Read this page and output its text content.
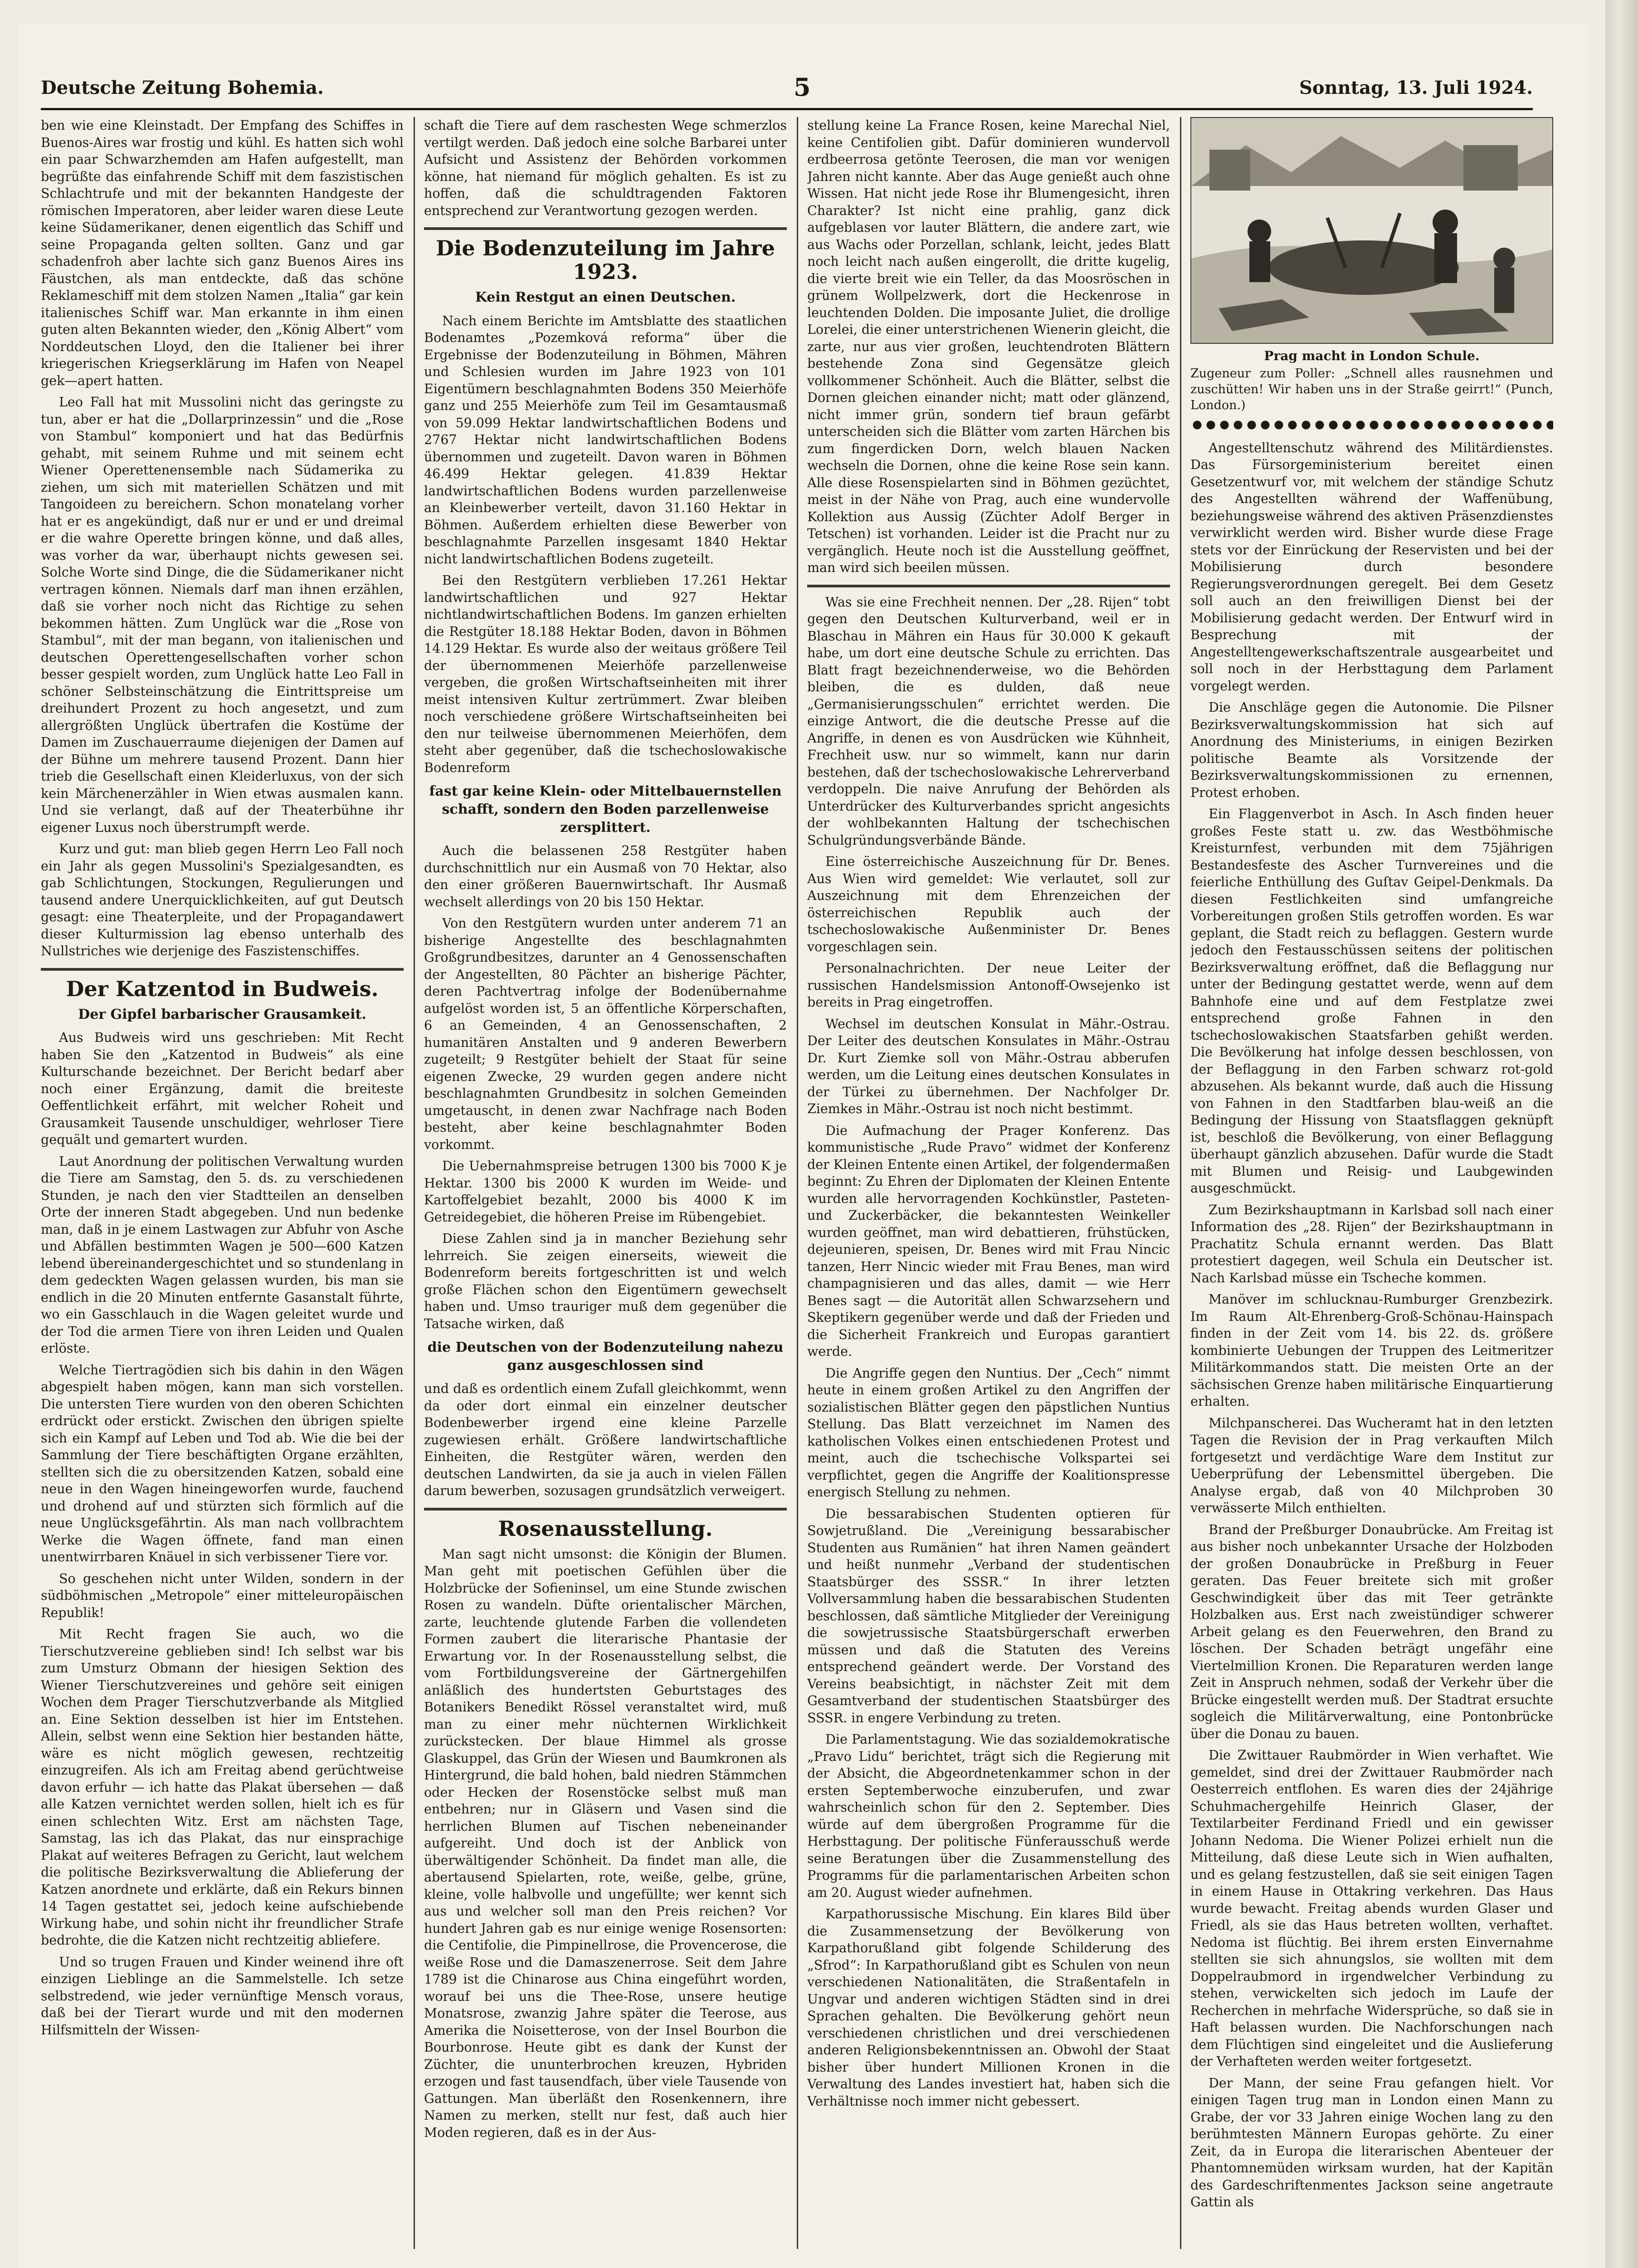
Deutsche Zeitung Bohemia.	5	Sonntag, 13. Juli 1924.

ben wie eine Kleinstadt. Der Empfang des Schiffes in Buenos-Aires war frostig und kühl. Es hatten sich wohl ein paar Schwarzhemden am Hafen aufgestellt, man begrüßte das einfahrende Schiff mit dem faszistischen Schlachtrufe und mit der bekannten Handgeste der römischen Imperatoren, aber leider waren diese Leute keine Südamerikaner, denen eigentlich das Schiff und seine Propaganda gelten sollten. Ganz und gar schadenfroh aber lachte sich ganz Buenos Aires ins Fäustchen, als man entdeckte, daß das schöne Reklameschiff mit dem stolzen Namen „Italia“ gar kein italienisches Schiff war. Man erkannte in ihm einen guten alten Bekannten wieder, den „König Albert“ vom Norddeutschen Lloyd, den die Italiener bei ihrer kriegerischen Kriegserklärung im Hafen von Neapel gek—apert hatten.

Leo Fall hat mit Mussolini nicht das geringste zu tun, aber er hat die „Dollarprinzessin“ und die „Rose von Stambul“ komponiert und hat das Bedürfnis gehabt, mit seinem Ruhme und mit seinem echt Wiener Operettenensemble nach Südamerika zu ziehen, um sich mit materiellen Schätzen und mit Tangoideen zu bereichern. Schon monatelang vorher hat er es angekündigt, daß nur er und er und dreimal er die wahre Operette bringen könne, und daß alles, was vorher da war, überhaupt nichts gewesen sei. Solche Worte sind Dinge, die die Südamerikaner nicht vertragen können. Niemals darf man ihnen erzählen, daß sie vorher noch nicht das Richtige zu sehen bekommen hätten. Zum Unglück war die „Rose von Stambul“, mit der man begann, von italienischen und deutschen Operettengesellschaften vorher schon besser gespielt worden, zum Unglück hatte Leo Fall in schöner Selbsteinschätzung die Eintrittspreise um dreihundert Prozent zu hoch angesetzt, und zum allergrößten Unglück übertrafen die Kostüme der Damen im Zuschauerraume diejenigen der Damen auf der Bühne um mehrere tausend Prozent. Dann hier trieb die Gesellschaft einen Kleiderluxus, von der sich kein Märchenerzähler in Wien etwas ausmalen kann. Und sie verlangt, daß auf der Theaterbühne ihr eigener Luxus noch überstrumpft werde.

Kurz und gut: man blieb gegen Herrn Leo Fall noch ein Jahr als gegen Mussolini's Spezialgesandten, es gab Schlichtungen, Stockungen, Regulierungen und tausend andere Unerquicklichkeiten, auf gut Deutsch gesagt: eine Theaterpleite, und der Propagandawert dieser Kulturmission lag ebenso unterhalb des Nullstriches wie derjenige des Faszistenschiffes.

Der Katzentod in Budweis.
Der Gipfel barbarischer Grausamkeit.

Aus Budweis wird uns geschrieben: Mit Recht haben Sie den „Katzentod in Budweis“ als eine Kulturschande bezeichnet. Der Bericht bedarf aber noch einer Ergänzung, damit die breiteste Oeffentlichkeit erfährt, mit welcher Roheit und Grausamkeit Tausende unschuldiger, wehrloser Tiere gequält und gemartert wurden.

Laut Anordnung der politischen Verwaltung wurden die Tiere am Samstag, den 5. ds. zu verschiedenen Stunden, je nach den vier Stadtteilen an denselben Orte der inneren Stadt abgegeben. Und nun bedenke man, daß in je einem Lastwagen zur Abfuhr von Asche und Abfällen bestimmten Wagen je 500—600 Katzen lebend übereinandergeschichtet und so stundenlang in dem gedeckten Wagen gelassen wurden, bis man sie endlich in die 20 Minuten entfernte Gasanstalt führte, wo ein Gasschlauch in die Wagen geleitet wurde und der Tod die armen Tiere von ihren Leiden und Qualen erlöste.

Welche Tiertragödien sich bis dahin in den Wägen abgespielt haben mögen, kann man sich vorstellen. Die untersten Tiere wurden von den oberen Schichten erdrückt oder erstickt. Zwischen den übrigen spielte sich ein Kampf auf Leben und Tod ab. Wie die bei der Sammlung der Tiere beschäftigten Organe erzählten, stellten sich die zu obersitzenden Katzen, sobald eine neue in den Wagen hineingeworfen wurde, fauchend und drohend auf und stürzten sich förmlich auf die neue Unglücksgefährtin. Als man nach vollbrachtem Werke die Wagen öffnete, fand man einen unentwirrbaren Knäuel in sich verbissener Tiere vor.

So geschehen nicht unter Wilden, sondern in der südböhmischen „Metropole“ einer mitteleuropäischen Republik!

Mit Recht fragen Sie auch, wo die Tierschutzvereine geblieben sind! Ich selbst war bis zum Umsturz Obmann der hiesigen Sektion des Wiener Tierschutzvereines und gehöre seit einigen Wochen dem Prager Tierschutzverbande als Mitglied an. Eine Sektion desselben ist hier im Entstehen. Allein, selbst wenn eine Sektion hier bestanden hätte, wäre es nicht möglich gewesen, rechtzeitig einzugreifen. Als ich am Freitag abend gerüchtweise davon erfuhr — ich hatte das Plakat übersehen — daß alle Katzen vernichtet werden sollen, hielt ich es für einen schlechten Witz. Erst am nächsten Tage, Samstag, las ich das Plakat, das nur einsprachige Plakat auf weiteres Befragen zu Gericht, laut welchem die politische Bezirksverwaltung die Ablieferung der Katzen anordnete und erklärte, daß ein Rekurs binnen 14 Tagen gestattet sei, jedoch keine aufschiebende Wirkung habe, und sohin nicht ihr freundlicher Strafe bedrohte, die die Katzen nicht rechtzeitig abliefere.

Und so trugen Frauen und Kinder weinend ihre oft einzigen Lieblinge an die Sammelstelle. Ich setze selbstredend, wie jeder vernünftige Mensch voraus, daß bei der Tierart wurde und mit den modernen Hilfsmitteln der Wissen-

schaft die Tiere auf dem raschesten Wege schmerzlos vertilgt werden. Daß jedoch eine solche Barbarei unter Aufsicht und Assistenz der Behörden vorkommen könne, hat niemand für möglich gehalten. Es ist zu hoffen, daß die schuldtragenden Faktoren entsprechend zur Verantwortung gezogen werden.

Die Bodenzuteilung im Jahre 1923.
Kein Restgut an einen Deutschen.

Nach einem Berichte im Amtsblatte des staatlichen Bodenamtes „Pozemková reforma“ über die Ergebnisse der Bodenzuteilung in Böhmen, Mähren und Schlesien wurden im Jahre 1923 von 101 Eigentümern beschlagnahmten Bodens 350 Meierhöfe ganz und 255 Meierhöfe zum Teil im Gesamtausmaß von 59.099 Hektar landwirtschaftlichen Bodens und 2767 Hektar nicht landwirtschaftlichen Bodens übernommen und zugeteilt. Davon waren in Böhmen 46.499 Hektar gelegen. 41.839 Hektar landwirtschaftlichen Bodens wurden parzellenweise an Kleinbewerber verteilt, davon 31.160 Hektar in Böhmen. Außerdem erhielten diese Bewerber von beschlagnahmte Parzellen insgesamt 1840 Hektar nicht landwirtschaftlichen Bodens zugeteilt.

Bei den Restgütern verblieben 17.261 Hektar landwirtschaftlichen und 927 Hektar nichtlandwirtschaftlichen Bodens. Im ganzen erhielten die Restgüter 18.188 Hektar Boden, davon in Böhmen 14.129 Hektar. Es wurde also der weitaus größere Teil der übernommenen Meierhöfe parzellenweise vergeben, die großen Wirtschaftseinheiten mit ihrer meist intensiven Kultur zertrümmert. Zwar bleiben noch verschiedene größere Wirtschaftseinheiten bei den nur teilweise übernommenen Meierhöfen, dem steht aber gegenüber, daß die tschechoslowakische Bodenreform

fast gar keine Klein- oder Mittelbauernstellen schafft, sondern den Boden parzellenweise zersplittert.

Auch die belassenen 258 Restgüter haben durchschnittlich nur ein Ausmaß von 70 Hektar, also den einer größeren Bauernwirtschaft. Ihr Ausmaß wechselt allerdings von 20 bis 150 Hektar.

Von den Restgütern wurden unter anderem 71 an bisherige Angestellte des beschlagnahmten Großgrundbesitzes, darunter an 4 Genossenschaften der Angestellten, 80 Pächter an bisherige Pächter, deren Pachtvertrag infolge der Bodenübernahme aufgelöst worden ist, 5 an öffentliche Körperschaften, 6 an Gemeinden, 4 an Genossenschaften, 2 humanitären Anstalten und 9 anderen Bewerbern zugeteilt; 9 Restgüter behielt der Staat für seine eigenen Zwecke, 29 wurden gegen andere nicht beschlagnahmten Grundbesitz in solchen Gemeinden umgetauscht, in denen zwar Nachfrage nach Boden besteht, aber keine beschlagnahmter Boden vorkommt.

Die Uebernahmspreise betrugen 1300 bis 7000 K je Hektar. 1300 bis 2000 K wurden im Weide- und Kartoffelgebiet bezahlt, 2000 bis 4000 K im Getreidegebiet, die höheren Preise im Rübengebiet.

Diese Zahlen sind ja in mancher Beziehung sehr lehrreich. Sie zeigen einerseits, wieweit die Bodenreform bereits fortgeschritten ist und welch große Flächen schon den Eigentümern gewechselt haben und. Umso trauriger muß dem gegenüber die Tatsache wirken, daß

die Deutschen von der Bodenzuteilung nahezu ganz ausgeschlossen sind

und daß es ordentlich einem Zufall gleichkommt, wenn da oder dort einmal ein einzelner deutscher Bodenbewerber irgend eine kleine Parzelle zugewiesen erhält. Größere landwirtschaftliche Einheiten, die Restgüter wären, werden den deutschen Landwirten, da sie ja auch in vielen Fällen darum bewerben, sozusagen grundsätzlich verweigert.

Rosenausstellung.

Man sagt nicht umsonst: die Königin der Blumen. Man geht mit poetischen Gefühlen über die Holzbrücke der Sofieninsel, um eine Stunde zwischen Rosen zu wandeln. Düfte orientalischer Märchen, zarte, leuchtende glutende Farben die vollendeten Formen zaubert die literarische Phantasie der Erwartung vor. In der Rosenausstellung selbst, die vom Fortbildungsvereine der Gärtnergehilfen anläßlich des hundertsten Geburtstages des Botanikers Benedikt Rössel veranstaltet wird, muß man zu einer mehr nüchternen Wirklichkeit zurückstecken. Der blaue Himmel als grosse Glaskuppel, das Grün der Wiesen und Baumkronen als Hintergrund, die bald hohen, bald niedren Stämmchen oder Hecken der Rosenstöcke selbst muß man entbehren; nur in Gläsern und Vasen sind die herrlichen Blumen auf Tischen nebeneinander aufgereiht. Und doch ist der Anblick von überwältigender Schönheit. Da findet man alle, die abertausend Spielarten, rote, weiße, gelbe, grüne, kleine, volle halbvolle und ungefüllte; wer kennt sich aus und welcher soll man den Preis reichen? Vor hundert Jahren gab es nur einige wenige Rosensorten: die Centifolie, die Pimpinellrose, die Provencerose, die weiße Rose und die Damaszenerrose. Seit dem Jahre 1789 ist die Chinarose aus China eingeführt worden, worauf bei uns die Thee-Rose, unsere heutige Monatsrose, zwanzig Jahre später die Teerose, aus Amerika die Noisetterose, von der Insel Bourbon die Bourbonrose. Heute gibt es dank der Kunst der Züchter, die ununterbrochen kreuzen, Hybriden erzogen und fast tausendfach, über viele Tausende von Gattungen. Man überläßt den Rosenkennern, ihre Namen zu merken, stellt nur fest, daß auch hier Moden regieren, daß es in der Aus-

stellung keine La France Rosen, keine Marechal Niel, keine Centifolien gibt. Dafür dominieren wundervoll erdbeerrosa getönte Teerosen, die man vor wenigen Jahren nicht kannte. Aber das Auge genießt auch ohne Wissen. Hat nicht jede Rose ihr Blumengesicht, ihren Charakter? Ist nicht eine prahlig, ganz dick aufgeblasen vor lauter Blättern, die andere zart, wie aus Wachs oder Porzellan, schlank, leicht, jedes Blatt noch leicht nach außen eingerollt, die dritte kugelig, die vierte breit wie ein Teller, da das Moosröschen in grünem Wollpelzwerk, dort die Heckenrose in leuchtenden Dolden. Die imposante Juliet, die drollige Lorelei, die einer unterstrichenen Wienerin gleicht, die zarte, nur aus vier großen, leuchtendroten Blättern bestehende Zona sind Gegensätze gleich vollkommener Schönheit. Auch die Blätter, selbst die Dornen gleichen einander nicht; matt oder glänzend, nicht immer grün, sondern tief braun gefärbt unterscheiden sich die Blätter vom zarten Härchen bis zum fingerdicken Dorn, welch blauen Nacken wechseln die Dornen, ohne die keine Rose sein kann. Alle diese Rosenspielarten sind in Böhmen gezüchtet, meist in der Nähe von Prag, auch eine wundervolle Kollektion aus Aussig (Züchter Adolf Berger in Tetschen) ist vorhanden. Leider ist die Pracht nur zu vergänglich. Heute noch ist die Ausstellung geöffnet, man wird sich beeilen müssen.

Was sie eine Frechheit nennen. Der „28. Rijen“ tobt gegen den Deutschen Kulturverband, weil er in Blaschau in Mähren ein Haus für 30.000 K gekauft habe, um dort eine deutsche Schule zu errichten. Das Blatt fragt bezeichnenderweise, wo die Behörden bleiben, die es dulden, daß neue „Germanisierungsschulen“ errichtet werden. Die einzige Antwort, die die deutsche Presse auf die Angriffe, in denen es von Ausdrücken wie Kühnheit, Frechheit usw. nur so wimmelt, kann nur darin bestehen, daß der tschechoslowakische Lehrerverband verdoppeln. Die naive Anrufung der Behörden als Unterdrücker des Kulturverbandes spricht angesichts der wohlbekannten Haltung der tschechischen Schulgründungsverbände Bände.

Eine österreichische Auszeichnung für Dr. Benes. Aus Wien wird gemeldet: Wie verlautet, soll zur Auszeichnung mit dem Ehrenzeichen der österreichischen Republik auch der tschechoslowakische Außenminister Dr. Benes vorgeschlagen sein.

Personalnachrichten. Der neue Leiter der russischen Handelsmission Antonoff-Owsejenko ist bereits in Prag eingetroffen.

Wechsel im deutschen Konsulat in Mähr.-Ostrau. Der Leiter des deutschen Konsulates in Mähr.-Ostrau Dr. Kurt Ziemke soll von Mähr.-Ostrau abberufen werden, um die Leitung eines deutschen Konsulates in der Türkei zu übernehmen. Der Nachfolger Dr. Ziemkes in Mähr.-Ostrau ist noch nicht bestimmt.

Die Aufmachung der Prager Konferenz. Das kommunistische „Rude Pravo“ widmet der Konferenz der Kleinen Entente einen Artikel, der folgendermaßen beginnt: Zu Ehren der Diplomaten der Kleinen Entente wurden alle hervorragenden Kochkünstler, Pasteten- und Zuckerbäcker, die bekanntesten Weinkeller wurden geöffnet, man wird debattieren, frühstücken, dejeunieren, speisen, Dr. Benes wird mit Frau Nincic tanzen, Herr Nincic wieder mit Frau Benes, man wird champagnisieren und das alles, damit — wie Herr Benes sagt — die Autorität allen Schwarzsehern und Skeptikern gegenüber werde und daß der Frieden und die Sicherheit Frankreich und Europas garantiert werde.

Die Angriffe gegen den Nuntius. Der „Cech“ nimmt heute in einem großen Artikel zu den Angriffen der sozialistischen Blätter gegen den päpstlichen Nuntius Stellung. Das Blatt verzeichnet im Namen des katholischen Volkes einen entschiedenen Protest und meint, auch die tschechische Volkspartei sei verpflichtet, gegen die Angriffe der Koalitionspresse energisch Stellung zu nehmen.

Die bessarabischen Studenten optieren für Sowjetrußland. Die „Vereinigung bessarabischer Studenten aus Rumänien“ hat ihren Namen geändert und heißt nunmehr „Verband der studentischen Staatsbürger des SSSR.“ In ihrer letzten Vollversammlung haben die bessarabischen Studenten beschlossen, daß sämtliche Mitglieder der Vereinigung die sowjetrussische Staatsbürgerschaft erwerben müssen und daß die Statuten des Vereins entsprechend geändert werde. Der Vorstand des Vereins beabsichtigt, in nächster Zeit mit dem Gesamtverband der studentischen Staatsbürger des SSSR. in engere Verbindung zu treten.

Die Parlamentstagung. Wie das sozialdemokratische „Pravo Lidu“ berichtet, trägt sich die Regierung mit der Absicht, die Abgeordnetenkammer schon in der ersten Septemberwoche einzuberufen, und zwar wahrscheinlich schon für den 2. September. Dies würde auf dem übergroßen Programme für die Herbsttagung. Der politische Fünferausschuß werde seine Beratungen über die Zusammenstellung des Programms für die parlamentarischen Arbeiten schon am 20. August wieder aufnehmen.

Karpathorussische Mischung. Ein klares Bild über die Zusammensetzung der Bevölkerung von Karpathorußland gibt folgende Schilderung des „Sfrod“: In Karpathorußland gibt es Schulen von neun verschiedenen Nationalitäten, die Straßentafeln in Ungvar und anderen wichtigen Städten sind in drei Sprachen gehalten. Die Bevölkerung gehört neun verschiedenen christlichen und drei verschiedenen anderen Religionsbekenntnissen an. Obwohl der Staat bisher über hundert Millionen Kronen in die Verwaltung des Landes investiert hat, haben sich die Verhältnisse noch immer nicht gebessert.

Prag macht in London Schule.
Zugeneur zum Poller: „Schnell alles rausnehmen und zuschütten! Wir haben uns in der Straße geirrt!“ (Punch, London.)

Angestelltenschutz während des Militärdienstes. Das Fürsorgeministerium bereitet einen Gesetzentwurf vor, mit welchem der ständige Schutz des Angestellten während der Waffenübung, beziehungsweise während des aktiven Präsenzdienstes verwirklicht werden wird. Bisher wurde diese Frage stets vor der Einrückung der Reservisten und bei der Mobilisierung durch besondere Regierungsverordnungen geregelt. Bei dem Gesetz soll auch an den freiwilligen Dienst bei der Mobilisierung gedacht werden. Der Entwurf wird in Besprechung mit der Angestelltengewerkschaftszentrale ausgearbeitet und soll noch in der Herbsttagung dem Parlament vorgelegt werden.

Die Anschläge gegen die Autonomie. Die Pilsner Bezirksverwaltungskommission hat sich auf Anordnung des Ministeriums, in einigen Bezirken politische Beamte als Vorsitzende der Bezirksverwaltungskommissionen zu ernennen, Protest erhoben.

Ein Flaggenverbot in Asch. In Asch finden heuer großes Feste statt u. zw. das Westböhmische Kreisturnfest, verbunden mit dem 75jährigen Bestandesfeste des Ascher Turnvereines und die feierliche Enthüllung des Guſtav Geipel-Denkmals. Da diesen Festlichkeiten sind umfangreiche Vorbereitungen großen Stils getroffen worden. Es war geplant, die Stadt reich zu beflaggen. Gestern wurde jedoch den Festausschüssen seitens der politischen Bezirksverwaltung eröffnet, daß die Beflaggung nur unter der Bedingung gestattet werde, wenn auf dem Bahnhofe eine und auf dem Festplatze zwei entsprechend große Fahnen in den tschechoslowakischen Staatsfarben gehißt werden. Die Bevölkerung hat infolge dessen beschlossen, von der Beflaggung in den Farben schwarz rot-gold abzusehen. Als bekannt wurde, daß auch die Hissung von Fahnen in den Stadtfarben blau-weiß an die Bedingung der Hissung von Staatsflaggen geknüpft ist, beschloß die Bevölkerung, von einer Beflaggung überhaupt gänzlich abzusehen. Dafür wurde die Stadt mit Blumen und Reisig- und Laubgewinden ausgeschmückt.

Zum Bezirkshauptmann in Karlsbad soll nach einer Information des „28. Rijen“ der Bezirkshauptmann in Prachatitz Schula ernannt werden. Das Blatt protestiert dagegen, weil Schula ein Deutscher ist. Nach Karlsbad müsse ein Tscheche kommen.

Manöver im schlucknau-Rumburger Grenzbezirk. Im Raum Alt-Ehrenberg-Groß-Schönau-Hainspach finden in der Zeit vom 14. bis 22. ds. größere kombinierte Uebungen der Truppen des Leitmeritzer Militärkommandos statt. Die meisten Orte an der sächsischen Grenze haben militärische Einquartierung erhalten.

Milchpanscherei. Das Wucheramt hat in den letzten Tagen die Revision der in Prag verkauften Milch fortgesetzt und verdächtige Ware dem Institut zur Ueberprüfung der Lebensmittel übergeben. Die Analyse ergab, daß von 40 Milchproben 30 verwässerte Milch enthielten.

Brand der Preßburger Donaubrücke. Am Freitag ist aus bisher noch unbekannter Ursache der Holzboden der großen Donaubrücke in Preßburg in Feuer geraten. Das Feuer breitete sich mit großer Geschwindigkeit über das mit Teer getränkte Holzbalken aus. Erst nach zweistündiger schwerer Arbeit gelang es den Feuerwehren, den Brand zu löschen. Der Schaden beträgt ungefähr eine Viertelmillion Kronen. Die Reparaturen werden lange Zeit in Anspruch nehmen, sodaß der Verkehr über die Brücke eingestellt werden muß. Der Stadtrat ersuchte sogleich die Militärverwaltung, eine Pontonbrücke über die Donau zu bauen.

Die Zwittauer Raubmörder in Wien verhaftet. Wie gemeldet, sind drei der Zwittauer Raubmörder nach Oesterreich entflohen. Es waren dies der 24jährige Schuhmachergehilfe Heinrich Glaser, der Textilarbeiter Ferdinand Friedl und ein gewisser Johann Nedoma. Die Wiener Polizei erhielt nun die Mitteilung, daß diese Leute sich in Wien aufhalten, und es gelang festzustellen, daß sie seit einigen Tagen in einem Hause in Ottakring verkehren. Das Haus wurde bewacht. Freitag abends wurden Glaser und Friedl, als sie das Haus betreten wollten, verhaftet. Nedoma ist flüchtig. Bei ihrem ersten Einvernahme stellten sie sich ahnungslos, sie wollten mit dem Doppelraubmord in irgendwelcher Verbindung zu stehen, verwickelten sich jedoch im Laufe der Recherchen in mehrfache Widersprüche, so daß sie in Haft belassen wurden. Die Nachforschungen nach dem Flüchtigen sind eingeleitet und die Auslieferung der Verhafteten werden weiter fortgesetzt.

Der Mann, der seine Frau gefangen hielt. Vor einigen Tagen trug man in London einen Mann zu Grabe, der vor 33 Jahren einige Wochen lang zu den berühmtesten Männern Europas gehörte. Zu einer Zeit, da in Europa die literarischen Abenteuer der Phantomnemüden wirksam wurden, hat der Kapitän des Gardeschriftenmentes Jackson seine angetraute Gattin als
